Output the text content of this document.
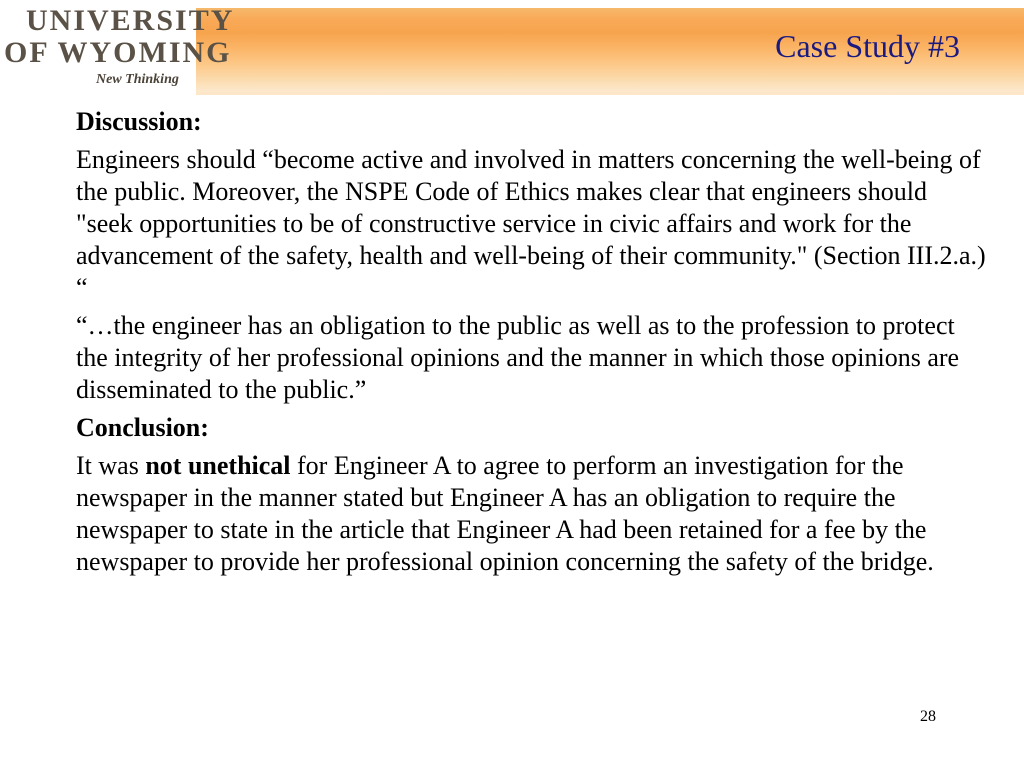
UNIVERSITY
OF WYOMING
New Thinking
Case Study #3

Discussion:

Engineers should “become active and involved in matters concerning the well-being of the public. Moreover, the NSPE Code of Ethics makes clear that engineers should "seek opportunities to be of constructive service in civic affairs and work for the advancement of the safety, health and well-being of their community." (Section III.2.a.) “

“…the engineer has an obligation to the public as well as to the profession to protect the integrity of her professional opinions and the manner in which those opinions are disseminated to the public.”

Conclusion:

It was not unethical for Engineer A to agree to perform an investigation for the newspaper in the manner stated but Engineer A has an obligation to require the newspaper to state in the article that Engineer A had been retained for a fee by the newspaper to provide her professional opinion concerning the safety of the bridge.

28
